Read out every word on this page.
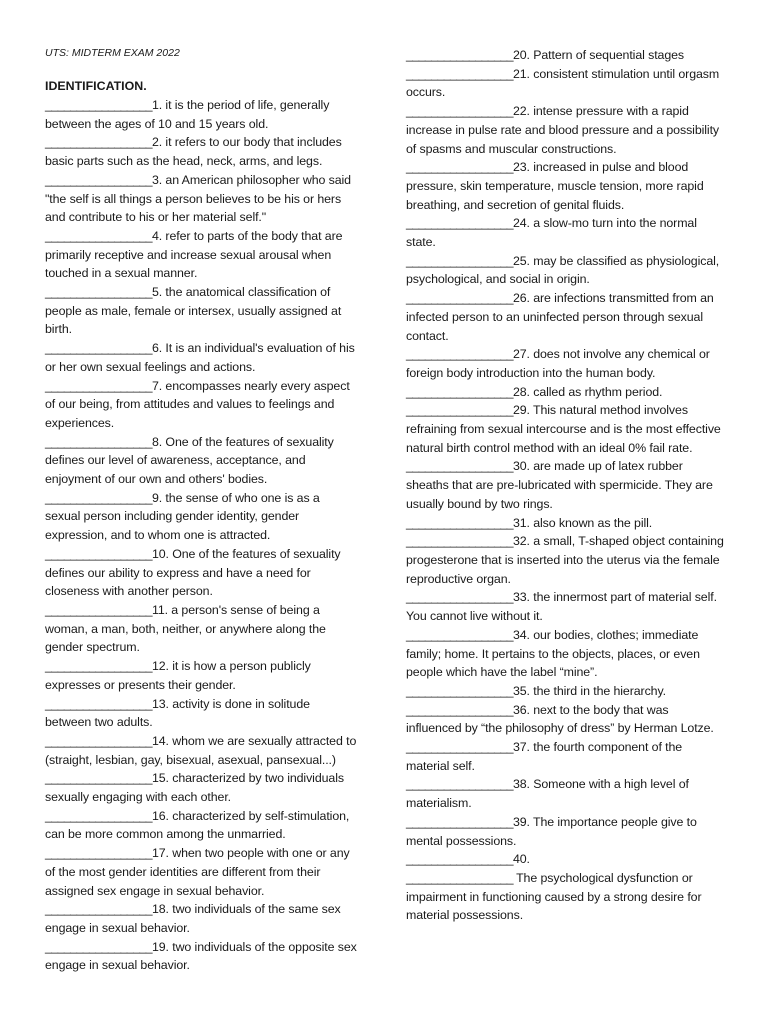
UTS: MIDTERM EXAM 2022
IDENTIFICATION.
_________________1. it is the period of life, generally between the ages of 10 and 15 years old.
_________________2. it refers to our body that includes basic parts such as the head, neck, arms, and legs.
_________________3. an American philosopher who said "the self is all things a person believes to be his or hers and contribute to his or her material self."
_________________4. refer to parts of the body that are primarily receptive and increase sexual arousal when touched in a sexual manner.
_________________5. the anatomical classification of people as male, female or intersex, usually assigned at birth.
_________________6. It is an individual's evaluation of his or her own sexual feelings and actions.
_________________7. encompasses nearly every aspect of our being, from attitudes and values to feelings and experiences.
_________________8. One of the features of sexuality defines our level of awareness, acceptance, and enjoyment of our own and others' bodies.
_________________9. the sense of who one is as a sexual person including gender identity, gender expression, and to whom one is attracted.
_________________10. One of the features of sexuality defines our ability to express and have a need for closeness with another person.
_________________11. a person's sense of being a woman, a man, both, neither, or anywhere along the gender spectrum.
_________________12. it is how a person publicly expresses or presents their gender.
_________________13. activity is done in solitude between two adults.
_________________14. whom we are sexually attracted to (straight, lesbian, gay, bisexual, asexual, pansexual...)
_________________15. characterized by two individuals sexually engaging with each other.
_________________16. characterized by self-stimulation, can be more common among the unmarried.
_________________17. when two people with one or any of the most gender identities are different from their assigned sex engage in sexual behavior.
_________________18. two individuals of the same sex engage in sexual behavior.
_________________19. two individuals of the opposite sex engage in sexual behavior.
_________________20. Pattern of sequential stages
_________________21. consistent stimulation until orgasm occurs.
_________________22. intense pressure with a rapid increase in pulse rate and blood pressure and a possibility of spasms and muscular constructions.
_________________23. increased in pulse and blood pressure, skin temperature, muscle tension, more rapid breathing, and secretion of genital fluids.
_________________24. a slow-mo turn into the normal state.
_________________25. may be classified as physiological, psychological, and social in origin.
_________________26. are infections transmitted from an infected person to an uninfected person through sexual contact.
_________________27. does not involve any chemical or foreign body introduction into the human body.
_________________28. called as rhythm period.
_________________29. This natural method involves refraining from sexual intercourse and is the most effective natural birth control method with an ideal 0% fail rate.
_________________30. are made up of latex rubber sheaths that are pre-lubricated with spermicide. They are usually bound by two rings.
_________________31. also known as the pill.
_________________32. a small, T-shaped object containing progesterone that is inserted into the uterus via the female reproductive organ.
_________________33. the innermost part of material self. You cannot live without it.
_________________34. our bodies, clothes; immediate family; home. It pertains to the objects, places, or even people which have the label “mine”.
_________________35. the third in the hierarchy.
_________________36. next to the body that was influenced by “the philosophy of dress” by Herman Lotze.
_________________37. the fourth component of the material self.
_________________38. Someone with a high level of materialism.
_________________39. The importance people give to mental possessions.
_________________40.
_________________ The psychological dysfunction or impairment in functioning caused by a strong desire for material possessions.
